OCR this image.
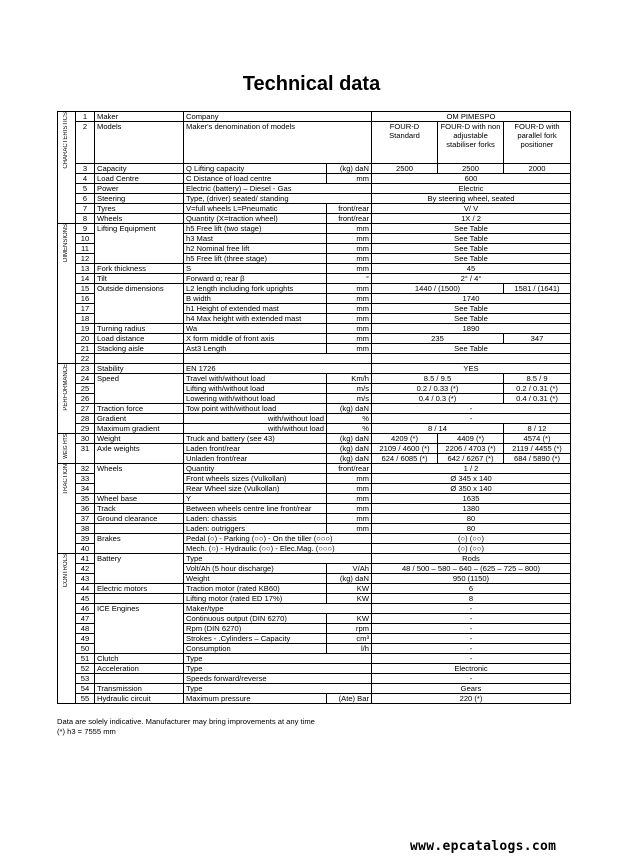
Technical data
CHARACTERISTICS	1	Maker	Company		OM PIMESPO		
	2	Models	Maker's denomination of models		FOUR-D Standard	FOUR-D with non adjustable stabiliser forks	FOUR-D with parallel fork positioner
	3	Capacity	Q Lifting capacity	(kg) daN	2500	2500	2000
	4	Load Centre	C Distance of load centre	mm	600		
	5	Power	Electric (battery) – Diesel - Gas		Electric		
	6	Steering	Type, (driver) seated/ standing		By steering wheel, seated		
	7	Tyres	V=full wheels L=Pneumatic	front/rear	V/ V		
	8	Wheels	Quantity (X=traction wheel)	front/rear	1X / 2		

DIMENSIONS	9	Lifting Equipment	h5 Free lift (two stage)	mm	See Table		
	10		h3 Mast	mm	See Table		
	11		h2 Nominal free lift	mm	See Table		
	12		h5 Free lift (three stage)	mm	See Table		
	13	Fork thickness	S	mm	45		
	14	Tilt	Forward α; rear β	°	2° / 4°		
	15	Outside dimensions	L2 length including fork uprights	mm	1440 / (1500)		1581 / (1641)
	16		B width	mm	1740		
	17		h1 Height of extended mast	mm	See Table		
	18		h4 Max height with extended mast	mm	See Table		
	19	Turning radius	Wa	mm	1890		
	20	Load distance	X form middle of front axis	mm	235		347
	21	Stacking aisle	Ast3 Length	mm	See Table		
	22						

PERFORMANCE	23	Stability	EN 1726		YES		
	24	Speed	Travel with/without load	Km/h	8.5 / 9.5		8.5 / 9
	25		Lifting with/without load	m/s	0.2 / 0.33 (*)		0.2 / 0.31 (*)
	26		Lowering with/without load	m/s	0.4 / 0.3 (*)		0.4 / 0.31 (*)
	27	Traction force	Tow point with/without load	(kg) daN	-		
	28	Gradient	with/without load	%	-		
	29	Maximum gradient	with/without load	%	8 / 14		8 / 12

WEIG HTS	30	Weight	Truck and battery (see 43)	(kg) daN	4209 (*)	4409 (*)	4574 (*)
	31	Axle weights	Laden front/rear	(kg) daN	2109 / 4600 (*)	2206 / 4703 (*)	2119 / 4455 (*)
			Unladen front/rear	(kg) daN	624 / 6085 (*)	642 / 6267 (*)	684 / 5890 (*)

TRACTION	32	Wheels	Quantity	front/rear	1 / 2		
	33		Front wheels sizes (Vulkollan)	mm	Ø 345 x 140		
	34		Rear Wheel size (Vulkollan)	mm	Ø 350 x 140		
	35	Wheel base	Y	mm	1635		
	36	Track	Between wheels centre line front/rear	mm	1380		
	37	Ground clearance	Laden: chassis	mm	80		
	38		Laden: outriggers	mm	80		
	39	Brakes	Pedal (○) - Parking (○○) - On the tiller (○○○)		(○) (○○)		
	40		Mech. (○) - Hydraulic (○○) - Elec.Mag. (○○○)		(○) (○○)		

CONTROLS	41	Battery	Type		Rods		
	42		Volt/Ah (5 hour discharge)	V/Ah	48 / 500 – 580 – 640 – (625 – 725 – 800)		
	43		Weight	(kg) daN	950 (1150)		
	44	Electric motors	Traction motor (rated KB60)	KW	6		
	45		Lifting motor (rated ED 17%)	KW	8		
	46	ICE Engines	Maker/type		-		
	47		Continuous output (DIN 6270)	KW	-		
	48		Rpm (DIN 6270)	rpm	-		
	49		Strokes - .Cylinders – Capacity	cm³	-		
	50		Consumption	l/h	-		
	51	Clutch	Type		-		
	52	Acceleration	Type		Electronic		
	53		Speeds forward/reverse		-		
	54	Transmission	Type		Gears		
	55	Hydraulic circuit	Maximum pressure	(Ate) Bar	220 (*)		
Data are solely indicative. Manufacturer may bring improvements at any time
(*) h3 = 7555 mm
www.epcatalogs.com
